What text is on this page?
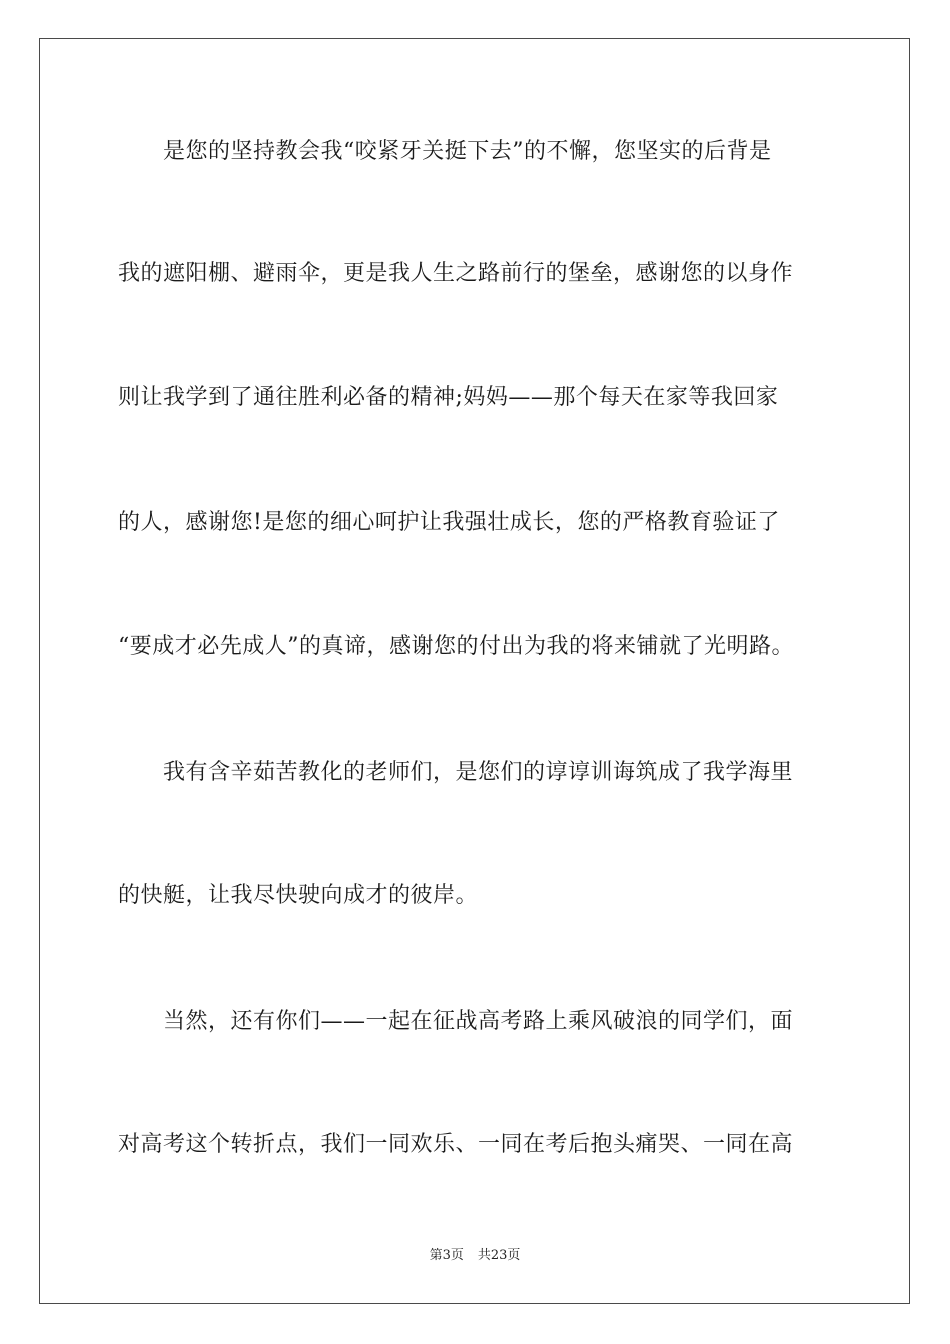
是您的坚持教会我“咬紧牙关挺下去”的不懈，您坚实的后背是
我的遮阳棚、避雨伞，更是我人生之路前行的堡垒，感谢您的以身作
则让我学到了通往胜利必备的精神;妈妈——那个每天在家等我回家
的人，感谢您!是您的细心呵护让我强壮成长，您的严格教育验证了
“要成才必先成人”的真谛，感谢您的付出为我的将来铺就了光明路。
我有含辛茹苦教化的老师们，是您们的谆谆训诲筑成了我学海里
的快艇，让我尽快驶向成才的彼岸。
当然，还有你们——一起在征战高考路上乘风破浪的同学们，面
对高考这个转折点，我们一同欢乐、一同在考后抱头痛哭、一同在高
第3页 共23页
